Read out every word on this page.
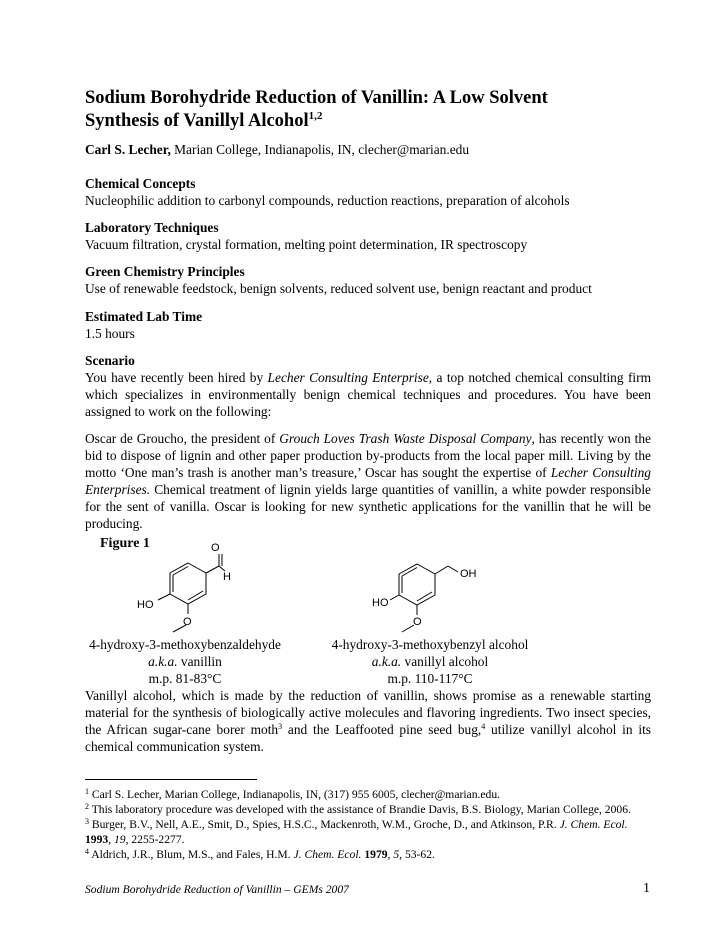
Sodium Borohydride Reduction of Vanillin: A Low Solvent
Synthesis of Vanillyl Alcohol$^{1,2}$
Carl S. Lecher, Marian College, Indianapolis, IN, clecher@marian.edu
Chemical Concepts
Nucleophilic addition to carbonyl compounds, reduction reactions, preparation of alcohols
Laboratory Techniques
Vacuum filtration, crystal formation, melting point determination, IR spectroscopy
Green Chemistry Principles
Use of renewable feedstock, benign solvents, reduced solvent use, benign reactant and product
Estimated Lab Time
1.5 hours
Scenario
You have recently been hired by Lecher Consulting Enterprise, a top notched chemical consulting firm which specializes in environmentally benign chemical techniques and procedures. You have been assigned to work on the following:
Oscar de Groucho, the president of Grouch Loves Trash Waste Disposal Company, has recently won the bid to dispose of lignin and other paper production by-products from the local paper mill. Living by the motto ‘One man’s trash is another man’s treasure,’ Oscar has sought the expertise of Lecher Consulting Enterprises. Chemical treatment of lignin yields large quantities of vanillin, a white powder responsible for the sent of vanilla. Oscar is looking for new synthetic applications for the vanillin that he will be producing.
Figure 1	O
H
HO
O
OH
HO
O
4-hydroxy-3-methoxybenzaldehyde
a.k.a. vanillin
m.p. 81-83°C
4-hydroxy-3-methoxybenzyl alcohol
a.k.a. vanillyl alcohol
m.p. 110-117°C
Vanillyl alcohol, which is made by the reduction of vanillin, shows promise as a renewable starting material for the synthesis of biologically active molecules and flavoring ingredients. Two insect species, the African sugar-cane borer moth$^3$ and the Leaffooted pine seed bug,$^4$ utilize vanillyl alcohol in its chemical communication system.
$^1$ Carl S. Lecher, Marian College, Indianapolis, IN, (317) 955 6005, clecher@marian.edu.
$^2$ This laboratory procedure was developed with the assistance of Brandie Davis, B.S. Biology, Marian College, 2006.
$^3$ Burger, B.V., Nell, A.E., Smit, D., Spies, H.S.C., Mackenroth, W.M., Groche, D., and Atkinson, P.R. J. Chem. Ecol. 1993, 19, 2255-2277.
$^4$ Aldrich, J.R., Blum, M.S., and Fales, H.M. J. Chem. Ecol. 1979, 5, 53-62.
Sodium Borohydride Reduction of Vanillin – GEMs 2007	1
